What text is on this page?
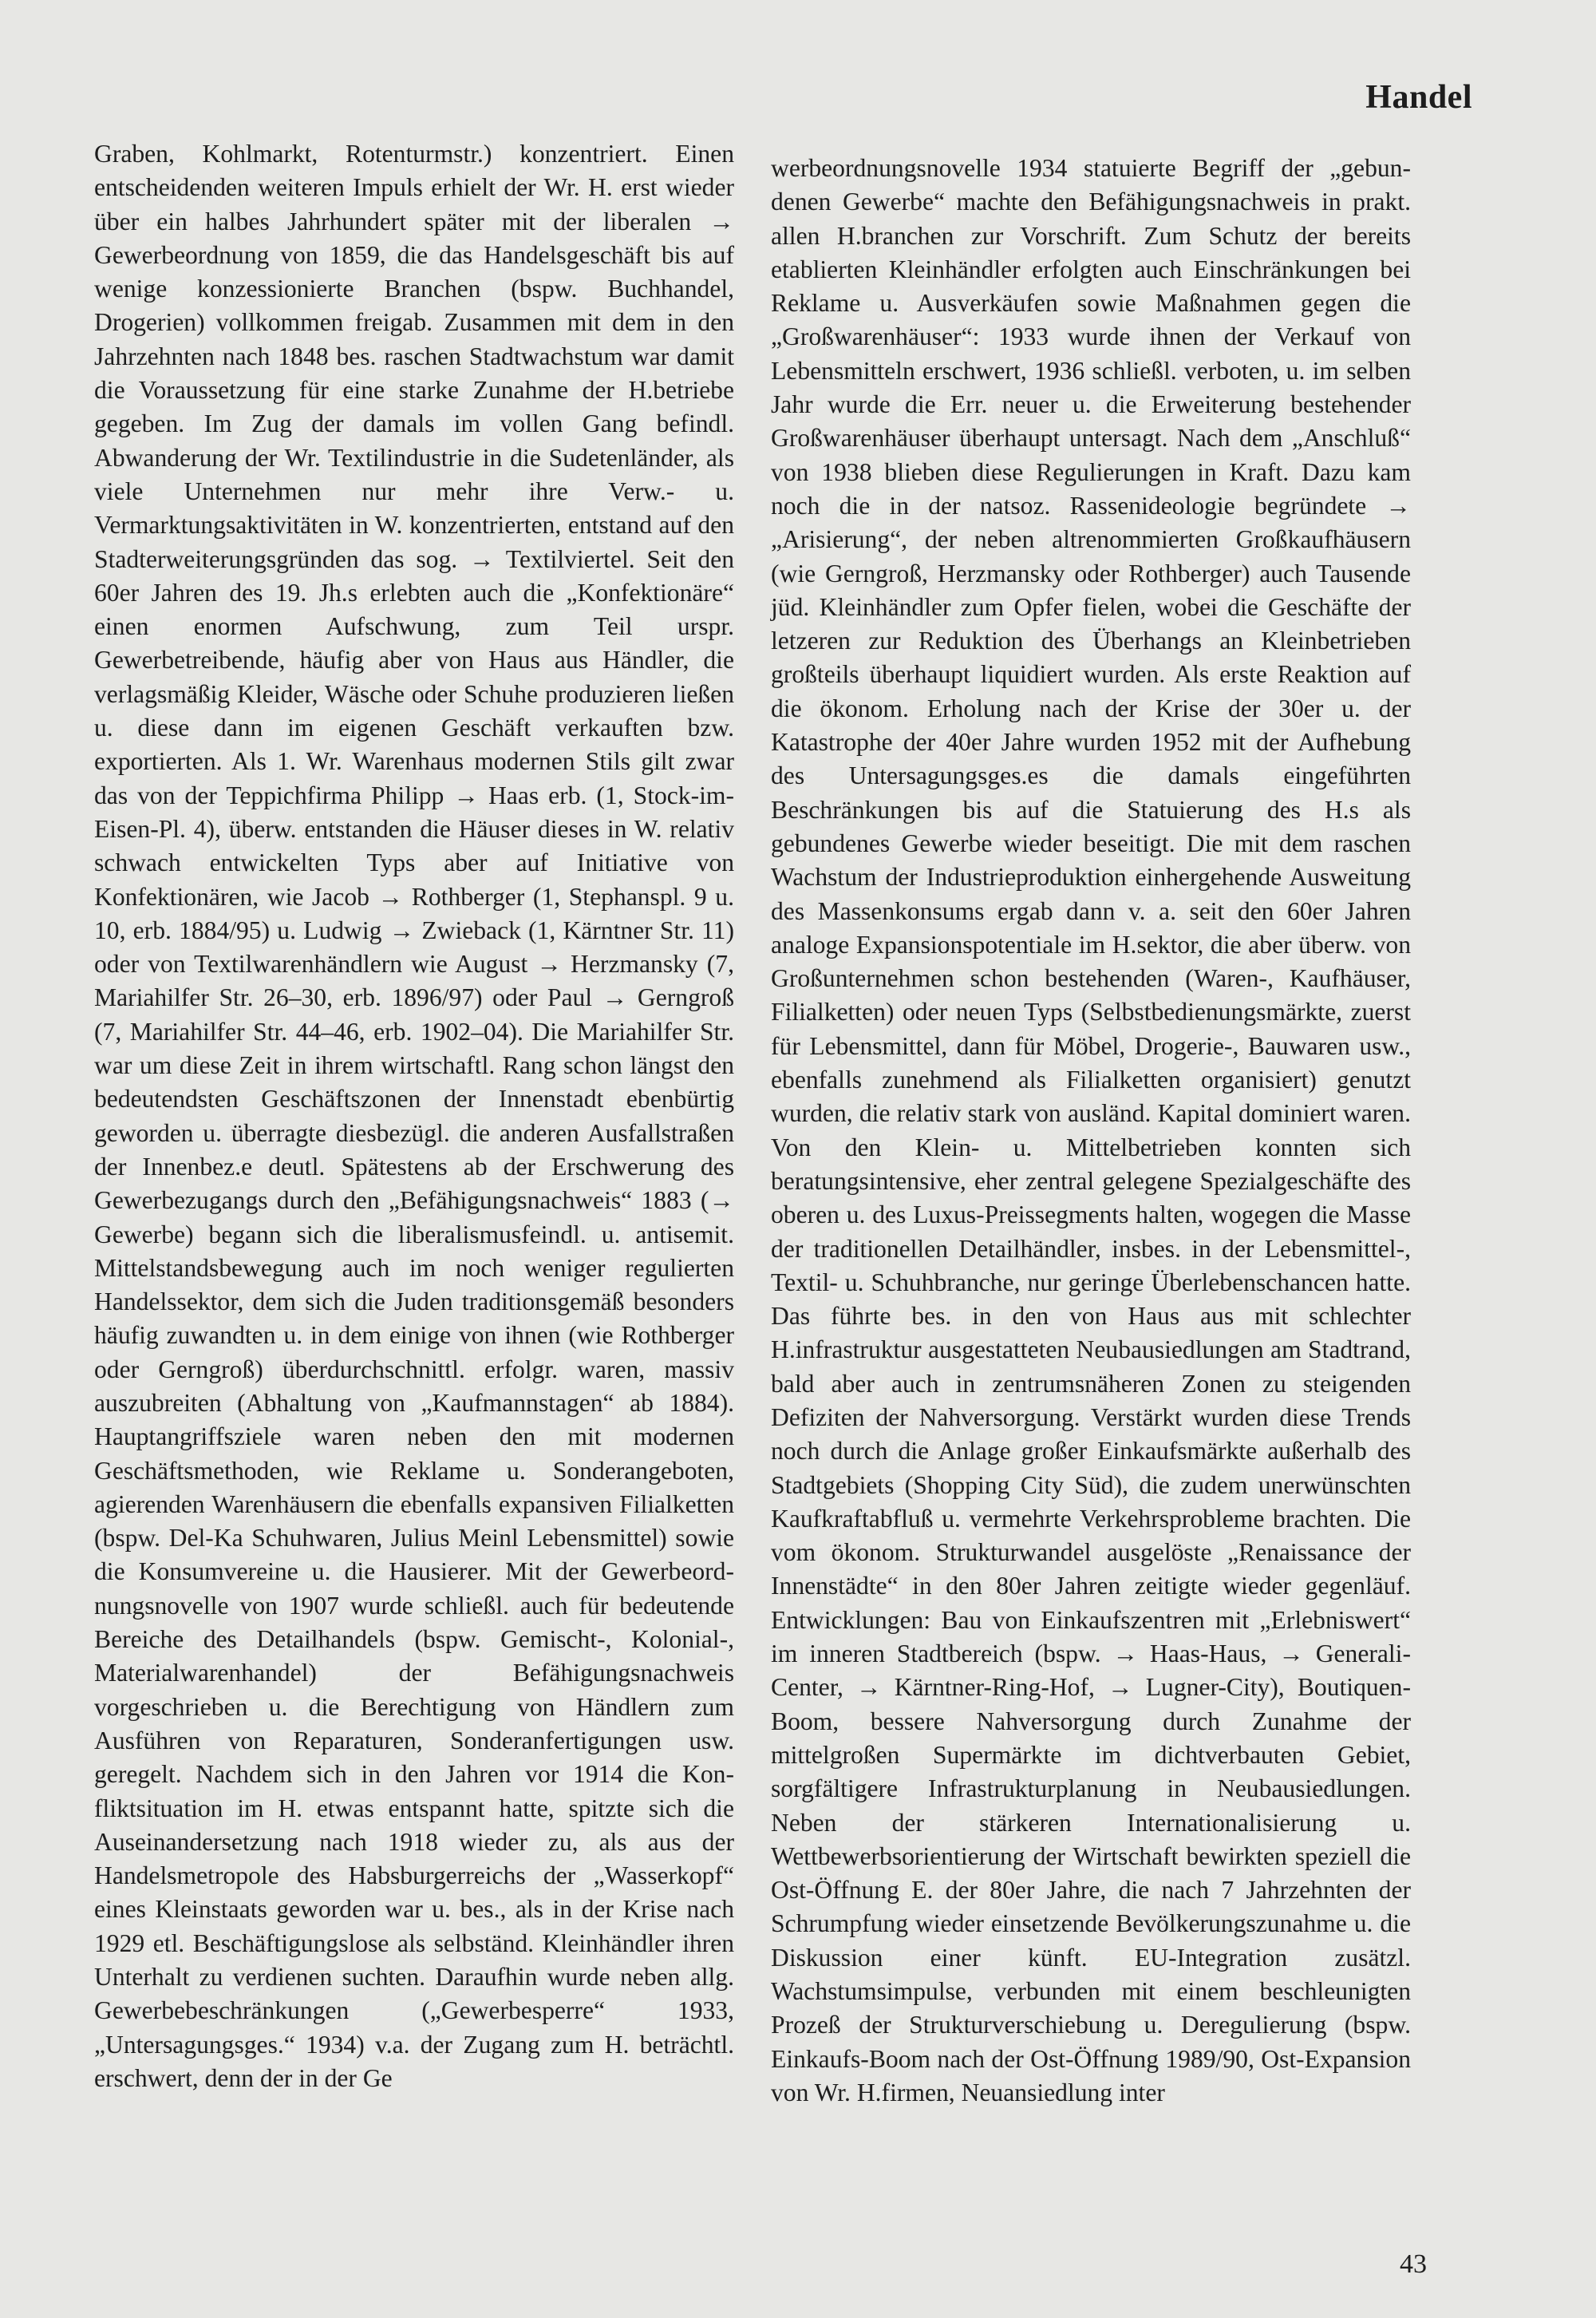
Handel
Graben, Kohlmarkt, Rotenturmstr.) konzentriert. Einen entscheidenden weiteren Impuls erhielt der Wr. H. erst wieder über ein halbes Jahrhundert später mit der liberalen → Gewerbeordnung von 1859, die das Handelsgeschäft bis auf wenige konzessionierte Branchen (bspw. Buchhandel, Drogerien) vollkommen freigab. Zusammen mit dem in den Jahrzehnten nach 1848 bes. raschen Stadtwachstum war damit die Voraussetzung für eine starke Zunahme der H.betriebe gegeben. Im Zug der damals im vollen Gang befindl. Abwanderung der Wr. Textilindustrie in die Sudetenländer, als viele Unternehmen nur mehr ihre Verw.- u. Vermarktungsaktivitäten in W. konzentrierten, entstand auf den Stadterweiterungsgründen das sog. → Textilviertel. Seit den 60er Jahren des 19. Jh.s erlebten auch die „Konfektionäre“ einen enormen Aufschwung, zum Teil urspr. Gewerbetreibende, häufig aber von Haus aus Händler, die verlagsmäßig Kleider, Wäsche oder Schuhe produzieren ließen u. diese dann im eigenen Geschäft verkauften bzw. exportierten. Als 1. Wr. Warenhaus modernen Stils gilt zwar das von der Teppichfirma Philipp → Haas erb. (1, Stock-im-Eisen-Pl. 4), überw. entstanden die Häuser dieses in W. relativ schwach entwickelten Typs aber auf Initiative von Konfektionären, wie Jacob → Rothberger (1, Stephanspl. 9 u. 10, erb. 1884/95) u. Ludwig → Zwieback (1, Kärntner Str. 11) oder von Textilwarenhändlern wie August → Herzmansky (7, Mariahilfer Str. 26–30, erb. 1896/97) oder Paul → Gerngroß (7, Mariahilfer Str. 44–46, erb. 1902–04). Die Mariahilfer Str. war um diese Zeit in ihrem wirtschaftl. Rang schon längst den bedeutendsten Geschäftszonen der Innenstadt ebenbürtig geworden u. überragte diesbezügl. die anderen Ausfallstraßen der Innenbez.e deutl. Spätestens ab der Erschwerung des Gewerbezugangs durch den „Befähigungsnachweis“ 1883 (→ Gewerbe) begann sich die liberalismusfeindl. u. antisemit. Mittelstandsbewegung auch im noch weniger regulierten Handelssektor, dem sich die Juden traditionsgemäß besonders häufig zuwandten u. in dem einige von ihnen (wie Rothberger oder Gerngroß) überdurchschnittl. erfolgr. waren, massiv auszubreiten (Abhaltung von „Kaufmannstagen“ ab 1884). Hauptangriffsziele waren neben den mit modernen Geschäftsmethoden, wie Reklame u. Sonderangeboten, agierenden Warenhäusern die ebenfalls expansiven Filialketten (bspw. Del-Ka Schuhwaren, Julius Meinl Lebensmittel) sowie die Konsumvereine u. die Hausierer. Mit der Gewerbeordnungsnovelle von 1907 wurde schließl. auch für bedeutende Bereiche des Detailhandels (bspw. Gemischt-, Kolonial-, Materialwarenhandel) der Befähigungsnachweis vorgeschrieben u. die Berechtigung von Händlern zum Ausführen von Reparaturen, Sonderanfertigungen usw. geregelt. Nachdem sich in den Jahren vor 1914 die Konfliktsituation im H. etwas entspannt hatte, spitzte sich die Auseinandersetzung nach 1918 wieder zu, als aus der Handelsmetropole des Habsburgerreichs der „Wasserkopf“ eines Kleinstaats geworden war u. bes., als in der Krise nach 1929 etl. Beschäftigungslose als selbständ. Kleinhändler ihren Unterhalt zu verdienen suchten. Daraufhin wurde neben allg. Gewerbebeschränkungen („Gewerbesperre“ 1933, „Untersagungsges.“ 1934) v.a. der Zugang zum H. beträchtl. erschwert, denn der in der Ge
werbeordnungsnovelle 1934 statuierte Begriff der „gebundenen Gewerbe“ machte den Befähigungsnachweis in prakt. allen H.branchen zur Vorschrift. Zum Schutz der bereits etablierten Kleinhändler erfolgten auch Einschränkungen bei Reklame u. Ausverkäufen sowie Maßnahmen gegen die „Großwarenhäuser“: 1933 wurde ihnen der Verkauf von Lebensmitteln erschwert, 1936 schließl. verboten, u. im selben Jahr wurde die Err. neuer u. die Erweiterung bestehender Großwarenhäuser überhaupt untersagt. Nach dem „Anschluß“ von 1938 blieben diese Regulierungen in Kraft. Dazu kam noch die in der natsoz. Rassenideologie begründete → „Arisierung“, der neben altrenommierten Großkaufhäusern (wie Gerngroß, Herzmansky oder Rothberger) auch Tausende jüd. Kleinhändler zum Opfer fielen, wobei die Geschäfte der letzeren zur Reduktion des Überhangs an Kleinbetrieben großteils überhaupt liquidiert wurden. Als erste Reaktion auf die ökonom. Erholung nach der Krise der 30er u. der Katastrophe der 40er Jahre wurden 1952 mit der Aufhebung des Untersagungsges.es die damals eingeführten Beschränkungen bis auf die Statuierung des H.s als gebundenes Gewerbe wieder beseitigt. Die mit dem raschen Wachstum der Industrieproduktion einhergehende Ausweitung des Massenkonsums ergab dann v. a. seit den 60er Jahren analoge Expansionspotentiale im H.sektor, die aber überw. von Großunternehmen schon bestehenden (Waren-, Kaufhäuser, Filialketten) oder neuen Typs (Selbstbedienungsmärkte, zuerst für Lebensmittel, dann für Möbel, Drogerie-, Bauwaren usw., ebenfalls zunehmend als Filialketten organisiert) genutzt wurden, die relativ stark von ausländ. Kapital dominiert waren. Von den Klein- u. Mittelbetrieben konnten sich beratungsintensive, eher zentral gelegene Spezialgeschäfte des oberen u. des Luxus-Preissegments halten, wogegen die Masse der traditionellen Detailhändler, insbes. in der Lebensmittel-, Textil- u. Schuhbranche, nur geringe Überlebenschancen hatte. Das führte bes. in den von Haus aus mit schlechter H.infrastruktur ausgestatteten Neubausiedlungen am Stadtrand, bald aber auch in zentrumsnäheren Zonen zu steigenden Defiziten der Nahversorgung. Verstärkt wurden diese Trends noch durch die Anlage großer Einkaufsmärkte außerhalb des Stadtgebiets (Shopping City Süd), die zudem unerwünschten Kaufkraftabfluß u. vermehrte Verkehrsprobleme brachten. Die vom ökonom. Strukturwandel ausgelöste „Renaissance der Innenstädte“ in den 80er Jahren zeitigte wieder gegenläuf. Entwicklungen: Bau von Einkaufszentren mit „Erlebniswert“ im inneren Stadtbereich (bspw. → Haas-Haus, → Generali-Center, → Kärntner-Ring-Hof, → Lugner-City), Boutiquen-Boom, bessere Nahversorgung durch Zunahme der mittelgroßen Supermärkte im dichtverbauten Gebiet, sorgfältigere Infrastrukturplanung in Neubausiedlungen. Neben der stärkeren Internationalisierung u. Wettbewerbsorientierung der Wirtschaft bewirkten speziell die Ost-Öffnung E. der 80er Jahre, die nach 7 Jahrzehnten der Schrumpfung wieder einsetzende Bevölkerungszunahme u. die Diskussion einer künft. EU-Integration zusätzl. Wachstumsimpulse, verbunden mit einem beschleunigten Prozeß der Strukturverschiebung u. Deregulierung (bspw. Einkaufs-Boom nach der Ost-Öffnung 1989/90, Ost-Expansion von Wr. H.firmen, Neuansiedlung inter
43
